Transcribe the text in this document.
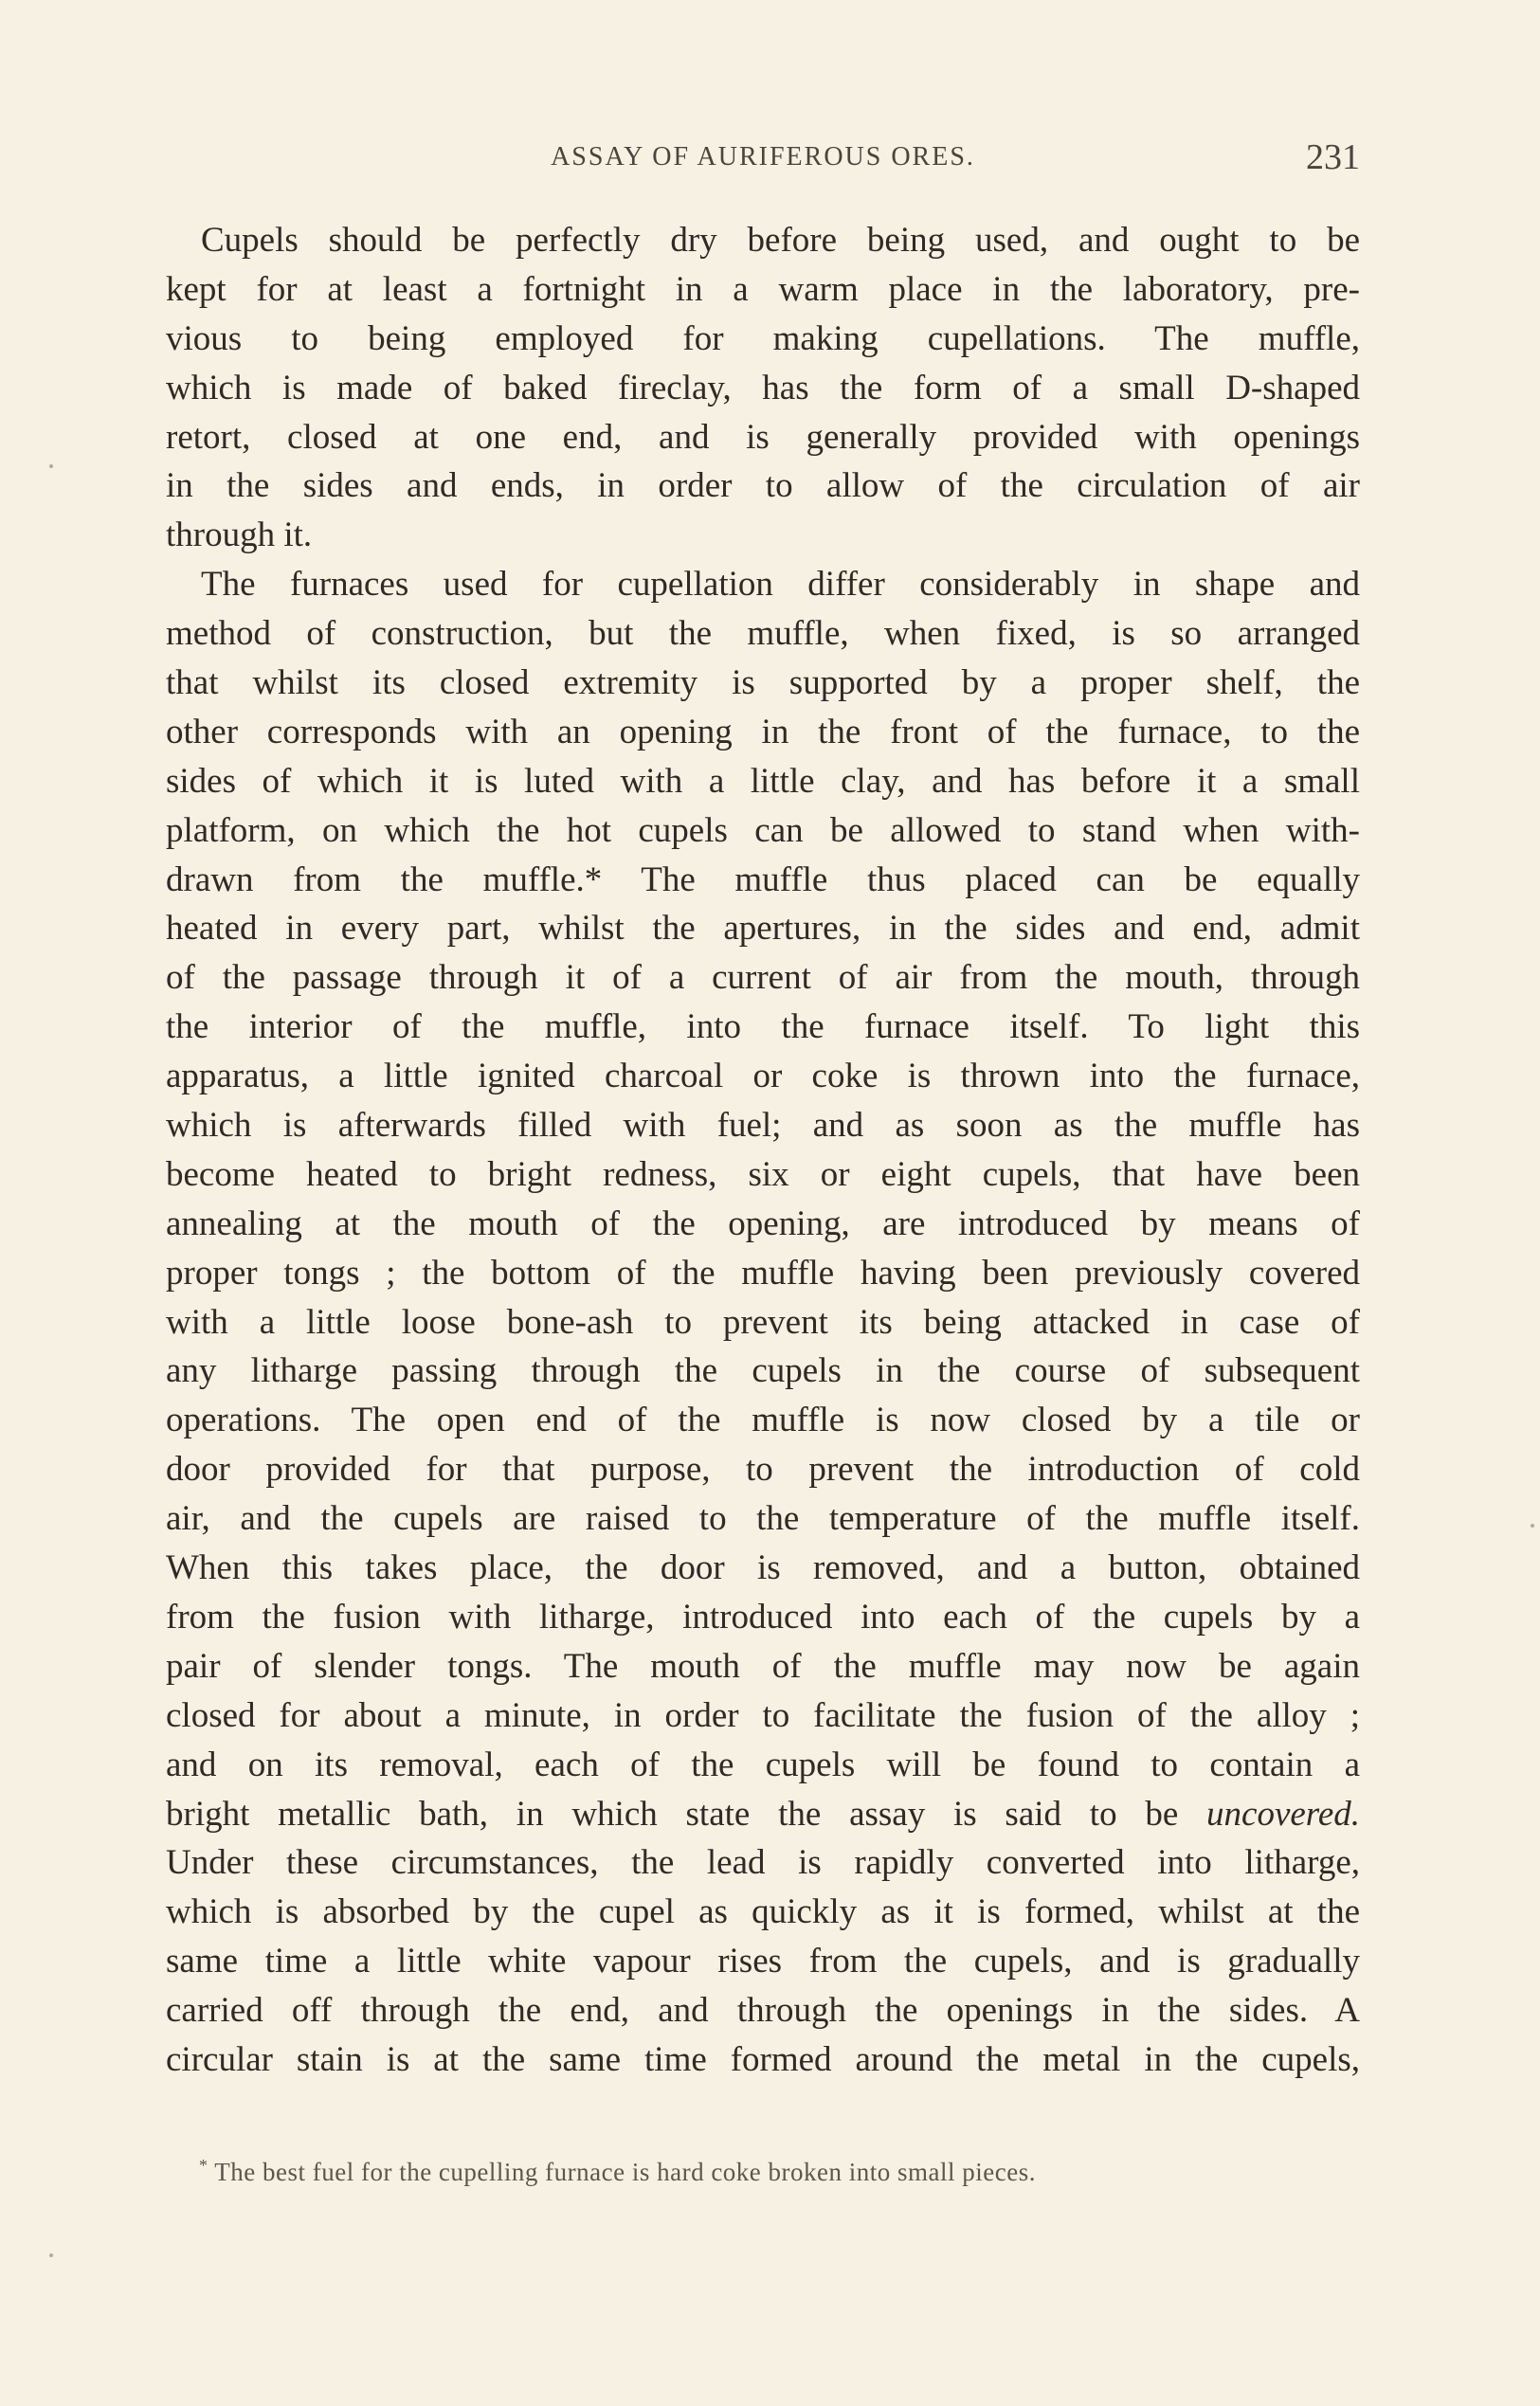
ASSAY OF AURIFEROUS ORES.	231
Cupels should be perfectly dry before being used, and ought to be
kept for at least a fortnight in a warm place in the laboratory, pre-
vious to being employed for making cupellations. The muffle,
which is made of baked fireclay, has the form of a small D-shaped
retort, closed at one end, and is generally provided with openings
in the sides and ends, in order to allow of the circulation of air
through it.
The furnaces used for cupellation differ considerably in shape and
method of construction, but the muffle, when fixed, is so arranged
that whilst its closed extremity is supported by a proper shelf, the
other corresponds with an opening in the front of the furnace, to the
sides of which it is luted with a little clay, and has before it a small
platform, on which the hot cupels can be allowed to stand when with-
drawn from the muffle.* The muffle thus placed can be equally
heated in every part, whilst the apertures, in the sides and end, admit
of the passage through it of a current of air from the mouth, through
the interior of the muffle, into the furnace itself. To light this
apparatus, a little ignited charcoal or coke is thrown into the furnace,
which is afterwards filled with fuel; and as soon as the muffle has
become heated to bright redness, six or eight cupels, that have been
annealing at the mouth of the opening, are introduced by means of
proper tongs ; the bottom of the muffle having been previously covered
with a little loose bone-ash to prevent its being attacked in case of
any litharge passing through the cupels in the course of subsequent
operations. The open end of the muffle is now closed by a tile or
door provided for that purpose, to prevent the introduction of cold
air, and the cupels are raised to the temperature of the muffle itself.
When this takes place, the door is removed, and a button, obtained
from the fusion with litharge, introduced into each of the cupels by a
pair of slender tongs. The mouth of the muffle may now be again
closed for about a minute, in order to facilitate the fusion of the alloy ;
and on its removal, each of the cupels will be found to contain a
bright metallic bath, in which state the assay is said to be uncovered.
Under these circumstances, the lead is rapidly converted into litharge,
which is absorbed by the cupel as quickly as it is formed, whilst at the
same time a little white vapour rises from the cupels, and is gradually
carried off through the end, and through the openings in the sides. A
circular stain is at the same time formed around the metal in the cupels,
* The best fuel for the cupelling furnace is hard coke broken into small pieces.
